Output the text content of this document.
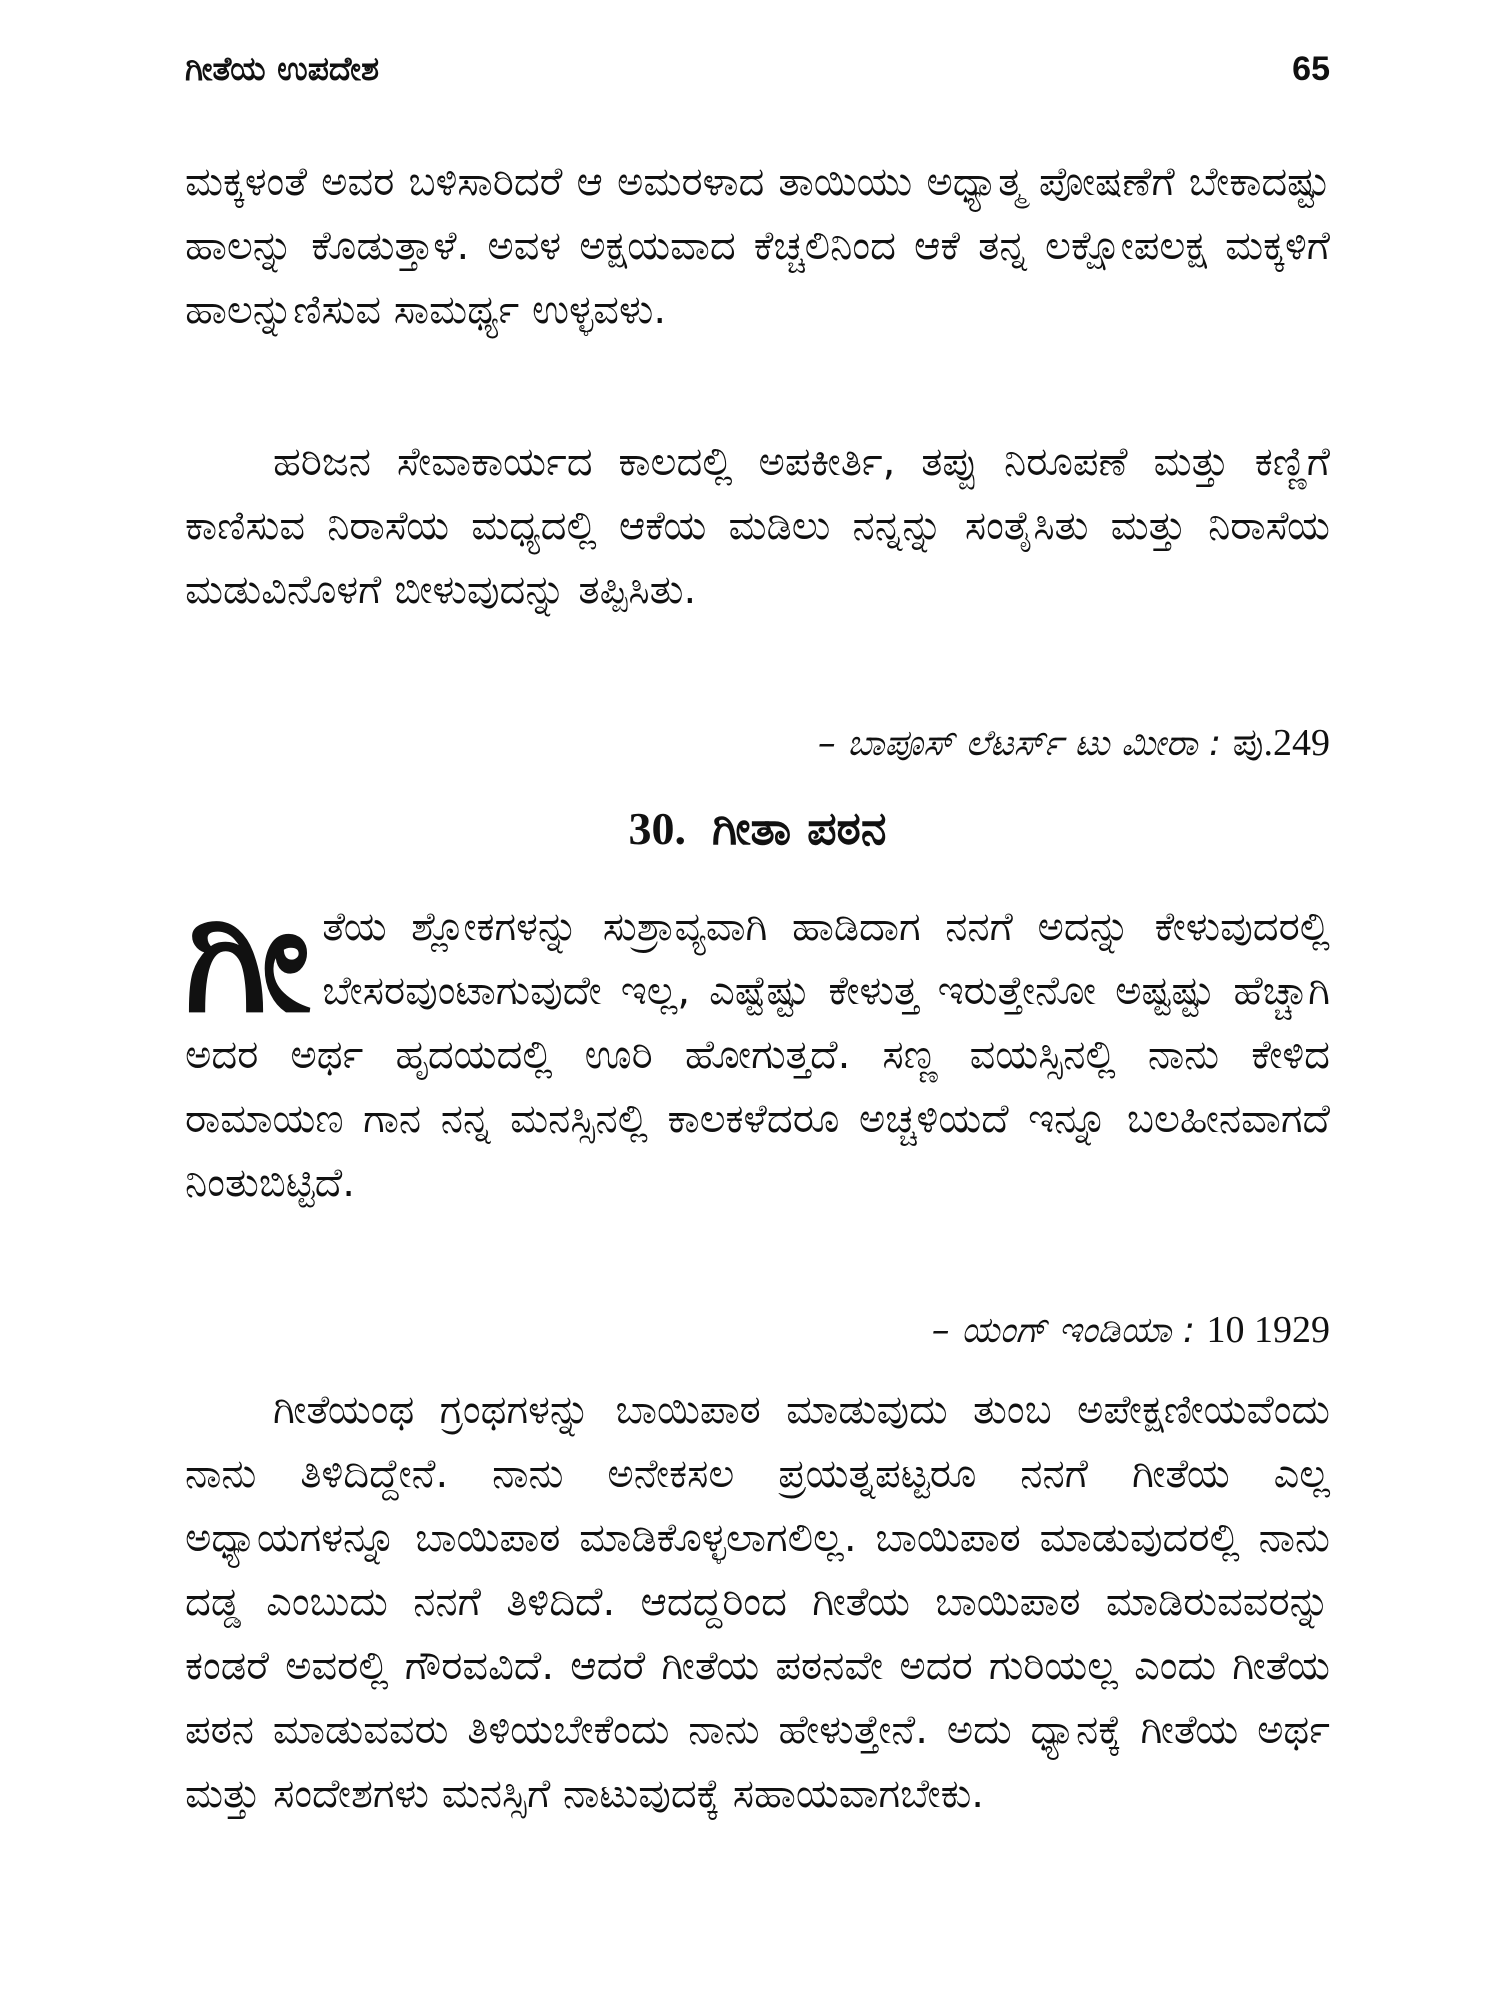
ಗೀತೆಯ ಉಪದೇಶ	65

ಮಕ್ಕಳಂತೆ ಅವರ ಬಳಿಸಾರಿದರೆ ಆ ಅಮರಳಾದ ತಾಯಿಯು ಅಧ್ಯಾತ್ಮ ಪೋಷಣೆಗೆ ಬೇಕಾದಷ್ಟು ಹಾಲನ್ನು ಕೊಡುತ್ತಾಳೆ. ಅವಳ ಅಕ್ಷಯವಾದ ಕೆಚ್ಚಲಿನಿಂದ ಆಕೆ ತನ್ನ ಲಕ್ಷೋಪಲಕ್ಷ ಮಕ್ಕಳಿಗೆ ಹಾಲನ್ನುಣಿಸುವ ಸಾಮರ್ಥ್ಯ ಉಳ್ಳವಳು.

ಹರಿಜನ ಸೇವಾಕಾರ್ಯದ ಕಾಲದಲ್ಲಿ ಅಪಕೀರ್ತಿ, ತಪ್ಪು ನಿರೂಪಣೆ ಮತ್ತು ಕಣ್ಣಿಗೆ ಕಾಣಿಸುವ ನಿರಾಸೆಯ ಮಧ್ಯದಲ್ಲಿ ಆಕೆಯ ಮಡಿಲು ನನ್ನನ್ನು ಸಂತೈಸಿತು ಮತ್ತು ನಿರಾಸೆಯ ಮಡುವಿನೊಳಗೆ ಬೀಳುವುದನ್ನು ತಪ್ಪಿಸಿತು.

– ಬಾಪೂಸ್ ಲೆಟರ್ಸ್ ಟು ಮೀರಾ : ಪು.249
30. ಗೀತಾ ಪಠನ

ಗೀ ತೆಯ ಶ್ಲೋಕಗಳನ್ನು ಸುಶ್ರಾವ್ಯವಾಗಿ ಹಾಡಿದಾಗ ನನಗೆ ಅದನ್ನು ಕೇಳುವುದರಲ್ಲಿ ಬೇಸರವುಂಟಾಗುವುದೇ ಇಲ್ಲ, ಎಷ್ಟೆಷ್ಟು ಕೇಳುತ್ತ ಇರುತ್ತೇನೋ ಅಷ್ಟಷ್ಟು ಹೆಚ್ಚಾಗಿ ಅದರ ಅರ್ಥ ಹೃದಯದಲ್ಲಿ ಊರಿ ಹೋಗುತ್ತದೆ. ಸಣ್ಣ ವಯಸ್ಸಿನಲ್ಲಿ ನಾನು ಕೇಳಿದ ರಾಮಾಯಣ ಗಾನ ನನ್ನ ಮನಸ್ಸಿನಲ್ಲಿ ಕಾಲಕಳೆದರೂ ಅಚ್ಚಳಿಯದೆ ಇನ್ನೂ ಬಲಹೀನವಾಗದೆ ನಿಂತುಬಿಟ್ಟಿದೆ.

– ಯಂಗ್ ಇಂಡಿಯಾ : 10 1929

ಗೀತೆಯಂಥ ಗ್ರಂಥಗಳನ್ನು ಬಾಯಿಪಾಠ ಮಾಡುವುದು ತುಂಬ ಅಪೇಕ್ಷಣೀಯವೆಂದು ನಾನು ತಿಳಿದಿದ್ದೇನೆ. ನಾನು ಅನೇಕಸಲ ಪ್ರಯತ್ನಪಟ್ಟರೂ ನನಗೆ ಗೀತೆಯ ಎಲ್ಲ ಅಧ್ಯಾಯಗಳನ್ನೂ ಬಾಯಿಪಾಠ ಮಾಡಿಕೊಳ್ಳಲಾಗಲಿಲ್ಲ. ಬಾಯಿಪಾಠ ಮಾಡುವುದರಲ್ಲಿ ನಾನು ದಡ್ಡ ಎಂಬುದು ನನಗೆ ತಿಳಿದಿದೆ. ಆದದ್ದರಿಂದ ಗೀತೆಯ ಬಾಯಿಪಾಠ ಮಾಡಿರುವವರನ್ನು ಕಂಡರೆ ಅವರಲ್ಲಿ ಗೌರವವಿದೆ. ಆದರೆ ಗೀತೆಯ ಪಠನವೇ ಅದರ ಗುರಿಯಲ್ಲ ಎಂದು ಗೀತೆಯ ಪಠನ ಮಾಡುವವರು ತಿಳಿಯಬೇಕೆಂದು ನಾನು ಹೇಳುತ್ತೇನೆ. ಅದು ಧ್ಯಾನಕ್ಕೆ ಗೀತೆಯ ಅರ್ಥ ಮತ್ತು ಸಂದೇಶಗಳು ಮನಸ್ಸಿಗೆ ನಾಟುವುದಕ್ಕೆ ಸಹಾಯವಾಗಬೇಕು.
